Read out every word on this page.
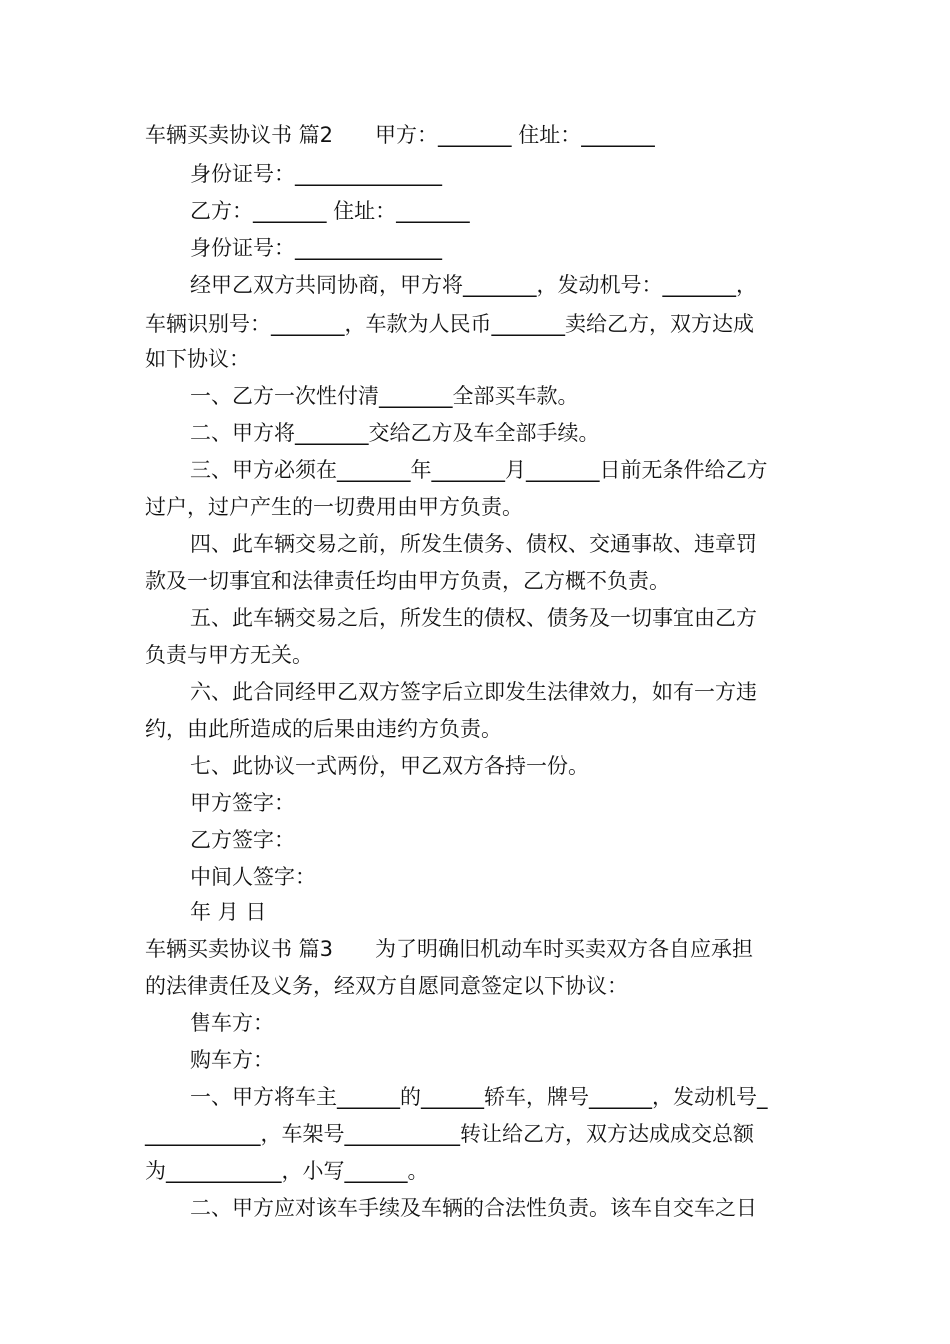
车辆买卖协议书 篇2　　甲方：_______ 住址：_______
身份证号：______________
乙方：_______ 住址：_______
身份证号：______________
经甲乙双方共同协商，甲方将_______，发动机号：_______，
车辆识别号：_______，车款为人民币_______卖给乙方，双方达成
如下协议：
一、乙方一次性付清_______全部买车款。
二、甲方将_______交给乙方及车全部手续。
三、甲方必须在_______年_______月_______日前无条件给乙方
过户，过户产生的一切费用由甲方负责。
四、此车辆交易之前，所发生债务、债权、交通事故、违章罚
款及一切事宜和法律责任均由甲方负责，乙方概不负责。
五、此车辆交易之后，所发生的债权、债务及一切事宜由乙方
负责与甲方无关。
六、此合同经甲乙双方签字后立即发生法律效力，如有一方违
约，由此所造成的后果由违约方负责。
七、此协议一式两份，甲乙双方各持一份。
甲方签字：
乙方签字：
中间人签字：
年 月 日
车辆买卖协议书 篇3　　为了明确旧机动车时买卖双方各自应承担
的法律责任及义务，经双方自愿同意签定以下协议：
售车方：
购车方：
一、甲方将车主______的______轿车，牌号______，发动机号_
___________，车架号___________转让给乙方，双方达成成交总额
为___________，小写______。
二、甲方应对该车手续及车辆的合法性负责。该车自交车之日
